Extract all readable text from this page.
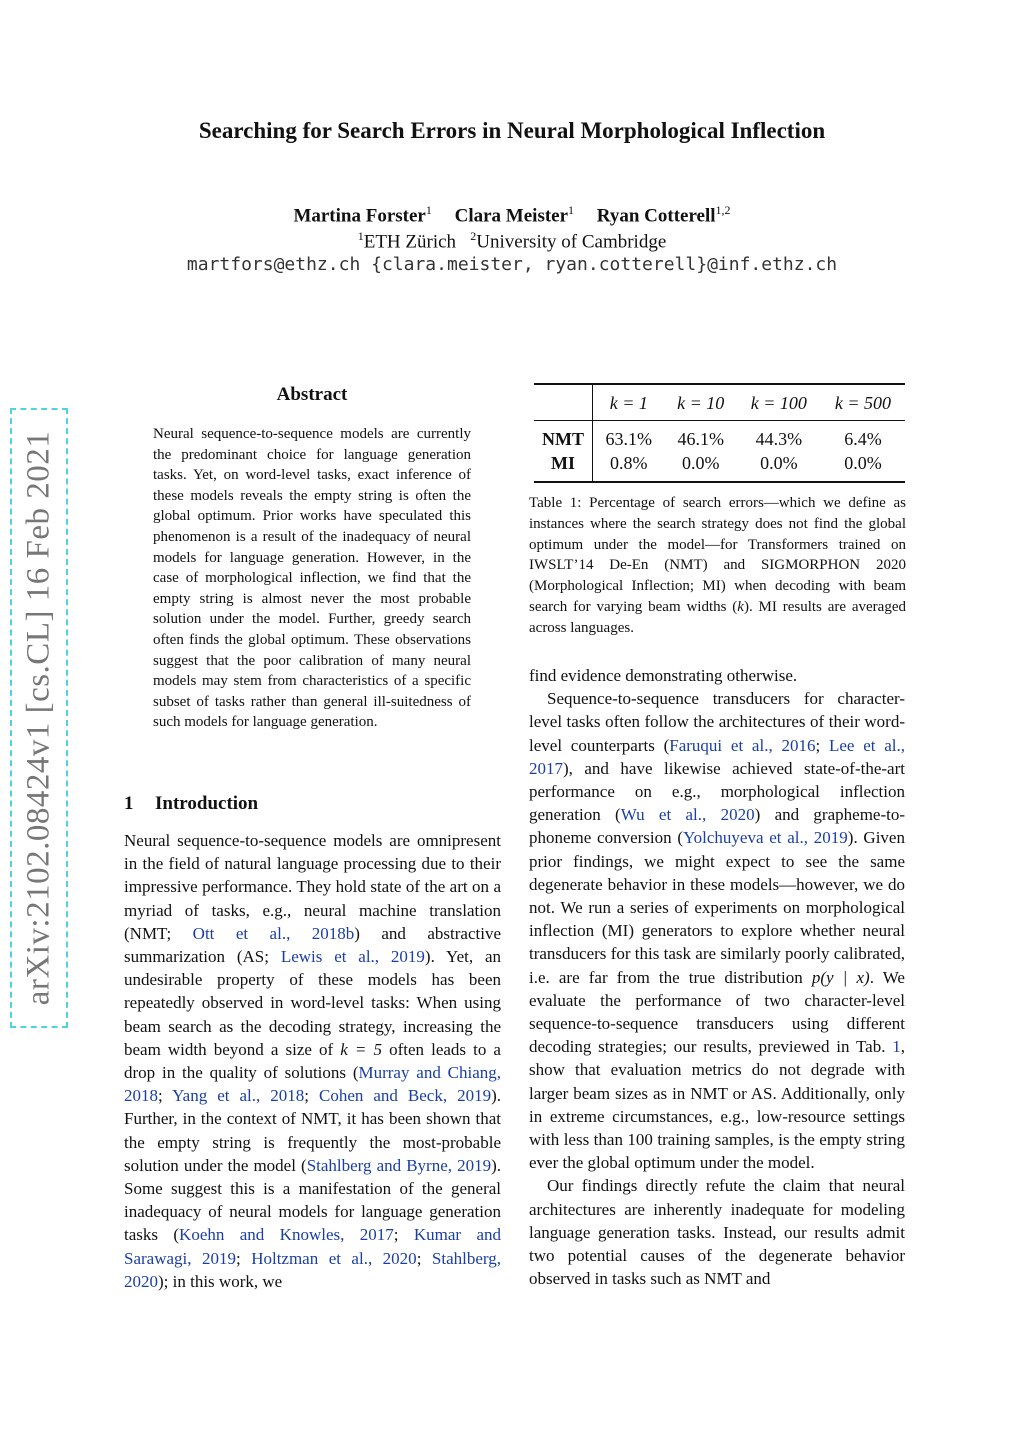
arXiv:2102.08424v1 [cs.CL] 16 Feb 2021
Searching for Search Errors in Neural Morphological Inflection
Martina Forster$^1$ Clara Meister$^1$ Ryan Cotterell$^{1,2}$
$^1$ETH Zürich $^2$University of Cambridge
martfors@ethz.ch {clara.meister, ryan.cotterell}@inf.ethz.ch
Abstract
Neural sequence-to-sequence models are currently the predominant choice for language generation tasks. Yet, on word-level tasks, exact inference of these models reveals the empty string is often the global optimum. Prior works have speculated this phenomenon is a result of the inadequacy of neural models for language generation. However, in the case of morphological inflection, we find that the empty string is almost never the most probable solution under the model. Further, greedy search often finds the global optimum. These observations suggest that the poor calibration of many neural models may stem from characteristics of a specific subset of tasks rather than general ill-suitedness of such models for language generation.
1 Introduction
Neural sequence-to-sequence models are omnipresent in the field of natural language processing due to their impressive performance. They hold state of the art on a myriad of tasks, e.g., neural machine translation (NMT; Ott et al., 2018b) and abstractive summarization (AS; Lewis et al., 2019). Yet, an undesirable property of these models has been repeatedly observed in word-level tasks: When using beam search as the decoding strategy, increasing the beam width beyond a size of k = 5 often leads to a drop in the quality of solutions (Murray and Chiang, 2018; Yang et al., 2018; Cohen and Beck, 2019). Further, in the context of NMT, it has been shown that the empty string is frequently the most-probable solution under the model (Stahlberg and Byrne, 2019). Some suggest this is a manifestation of the general inadequacy of neural models for language generation tasks (Koehn and Knowles, 2017; Kumar and Sarawagi, 2019; Holtzman et al., 2020; Stahlberg, 2020); in this work, we
	k = 1	k = 10	k = 100	k = 500
NMT	63.1%	46.1%	44.3%	6.4%
MI	0.8%	0.0%	0.0%	0.0%
Table 1: Percentage of search errors—which we define as instances where the search strategy does not find the global optimum under the model—for Transformers trained on IWSLT’14 De-En (NMT) and SIGMORPHON 2020 (Morphological Inflection; MI) when decoding with beam search for varying beam widths (k). MI results are averaged across languages.
find evidence demonstrating otherwise.
Sequence-to-sequence transducers for character-level tasks often follow the architectures of their word-level counterparts (Faruqui et al., 2016; Lee et al., 2017), and have likewise achieved state-of-the-art performance on e.g., morphological inflection generation (Wu et al., 2020) and grapheme-to-phoneme conversion (Yolchuyeva et al., 2019). Given prior findings, we might expect to see the same degenerate behavior in these models—however, we do not. We run a series of experiments on morphological inflection (MI) generators to explore whether neural transducers for this task are similarly poorly calibrated, i.e. are far from the true distribution p(y | x). We evaluate the performance of two character-level sequence-to-sequence transducers using different decoding strategies; our results, previewed in Tab. 1, show that evaluation metrics do not degrade with larger beam sizes as in NMT or AS. Additionally, only in extreme circumstances, e.g., low-resource settings with less than 100 training samples, is the empty string ever the global optimum under the model.
Our findings directly refute the claim that neural architectures are inherently inadequate for modeling language generation tasks. Instead, our results admit two potential causes of the degenerate behavior observed in tasks such as NMT and
